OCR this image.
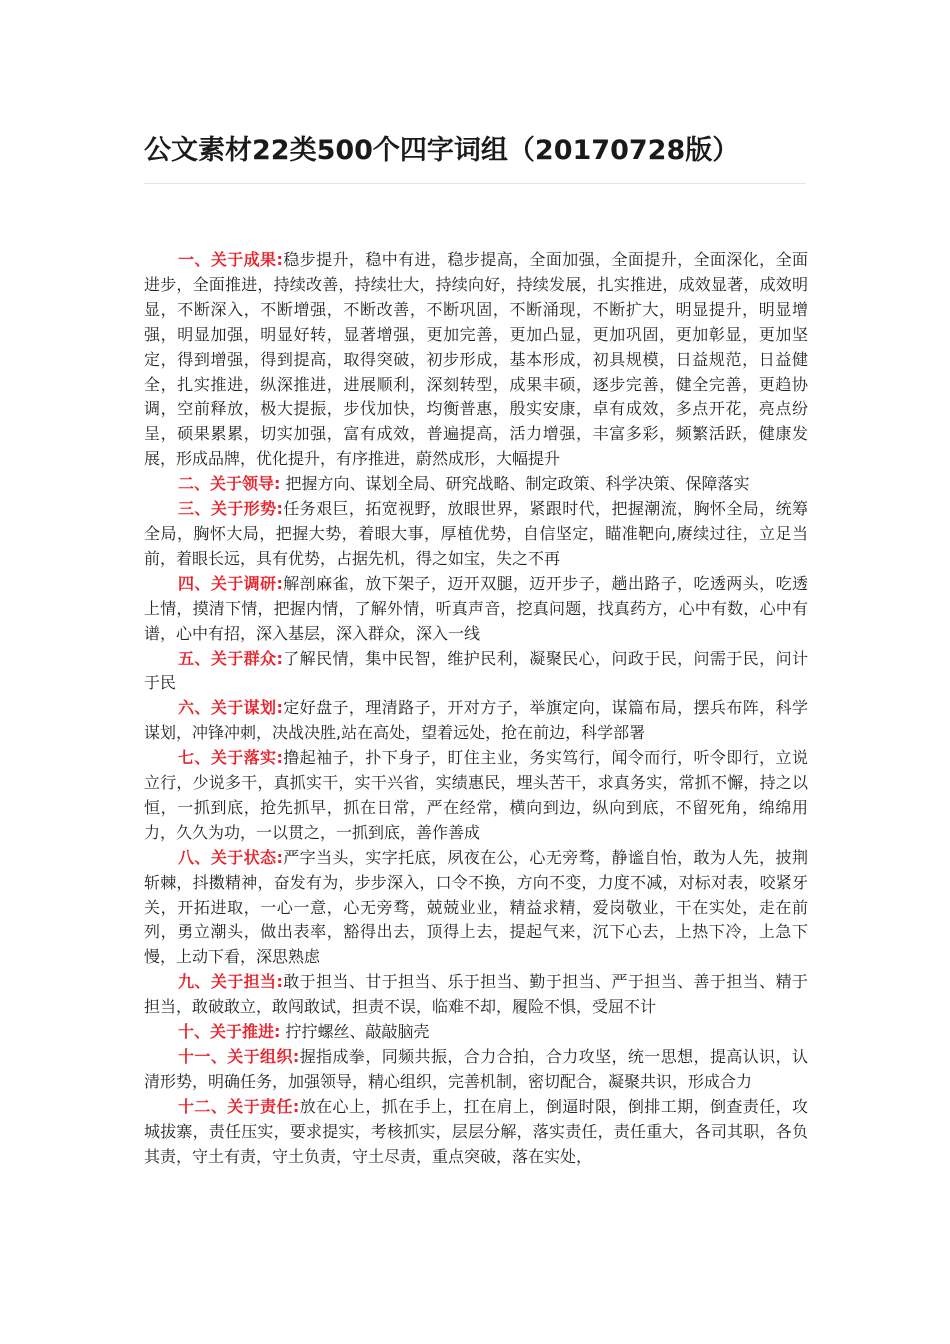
公文素材22类500个四字词组（20170728版）

一、关于成果:稳步提升，稳中有进，稳步提高，全面加强，全面提升，全面深化，全面进步，全面推进，持续改善，持续壮大，持续向好，持续发展，扎实推进，成效显著，成效明显，不断深入，不断增强，不断改善，不断巩固，不断涌现，不断扩大，明显提升，明显增强，明显加强，明显好转，显著增强，更加完善，更加凸显，更加巩固，更加彰显，更加坚定，得到增强，得到提高，取得突破，初步形成，基本形成，初具规模，日益规范，日益健全，扎实推进，纵深推进，进展顺利，深刻转型，成果丰硕，逐步完善，健全完善，更趋协调，空前释放，极大提振，步伐加快，均衡普惠，殷实安康，卓有成效，多点开花，亮点纷呈，硕果累累，切实加强，富有成效，普遍提高，活力增强，丰富多彩，频繁活跃，健康发展，形成品牌，优化提升，有序推进，蔚然成形，大幅提升

二、关于领导: 把握方向、谋划全局、研究战略、制定政策、科学决策、保障落实

三、关于形势:任务艰巨，拓宽视野，放眼世界，紧跟时代，把握潮流，胸怀全局，统筹全局，胸怀大局，把握大势，着眼大事，厚植优势，自信坚定，瞄准靶向,赓续过往，立足当前，着眼长远，具有优势，占据先机，得之如宝，失之不再

四、关于调研:解剖麻雀，放下架子，迈开双腿，迈开步子，趟出路子，吃透两头，吃透上情，摸清下情，把握内情，了解外情，听真声音，挖真问题，找真药方，心中有数，心中有谱，心中有招，深入基层，深入群众，深入一线

五、关于群众:了解民情，集中民智，维护民利，凝聚民心，问政于民，问需于民，问计于民

六、关于谋划:定好盘子，理清路子，开对方子，举旗定向，谋篇布局，摆兵布阵，科学谋划，冲锋冲刺，决战决胜,站在高处，望着远处，抢在前边，科学部署

七、关于落实:撸起袖子，扑下身子，盯住主业，务实笃行，闻令而行，听令即行，立说立行，少说多干，真抓实干，实干兴省，实绩惠民，埋头苦干，求真务实，常抓不懈，持之以恒，一抓到底，抢先抓早，抓在日常，严在经常，横向到边，纵向到底，不留死角，绵绵用力，久久为功，一以贯之，一抓到底，善作善成

八、关于状态:严字当头，实字托底，夙夜在公，心无旁骛，静谧自怡，敢为人先，披荆斩棘，抖擞精神，奋发有为，步步深入，口令不换，方向不变，力度不减，对标对表，咬紧牙关，开拓进取，一心一意，心无旁骛，兢兢业业，精益求精，爱岗敬业，干在实处，走在前列，勇立潮头，做出表率，豁得出去，顶得上去，提起气来，沉下心去，上热下冷，上急下慢，上动下看，深思熟虑

九、关于担当:敢于担当、甘于担当、乐于担当、勤于担当、严于担当、善于担当、精于担当，敢破敢立，敢闯敢试，担责不误，临难不却，履险不惧，受屈不计

十、关于推进: 拧拧螺丝、敲敲脑壳

十一、关于组织:握指成拳，同频共振，合力合拍，合力攻坚，统一思想，提高认识，认清形势，明确任务，加强领导，精心组织，完善机制，密切配合，凝聚共识，形成合力

十二、关于责任:放在心上，抓在手上，扛在肩上，倒逼时限，倒排工期，倒查责任，攻城拔寨，责任压实，要求提实，考核抓实，层层分解，落实责任，责任重大，各司其职，各负其责，守土有责，守土负责，守土尽责，重点突破，落在实处，
